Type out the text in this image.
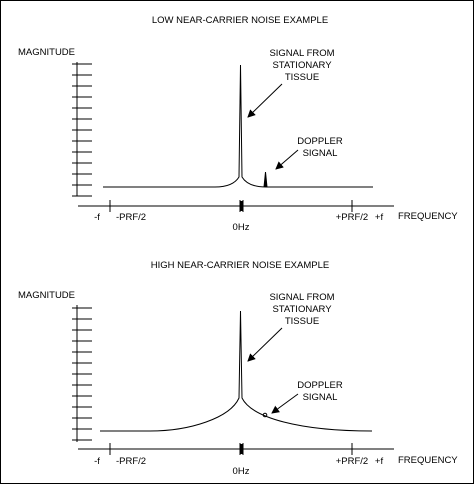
LOW NEAR-CARRIER NOISE EXAMPLE
MAGNITUDE	SIGNAL FROM
STATIONARY
TISSUE
DOPPLER
SIGNAL
-f -PRF/2
0Hz
+PRF/2 +f FREQUENCY
HIGH NEAR-CARRIER NOISE EXAMPLE
MAGNITUDE	SIGNAL FROM
STATIONARY
TISSUE
DOPPLER
SIGNAL
-f -PRF/2
0Hz
+PRF/2 +f FREQUENCY
